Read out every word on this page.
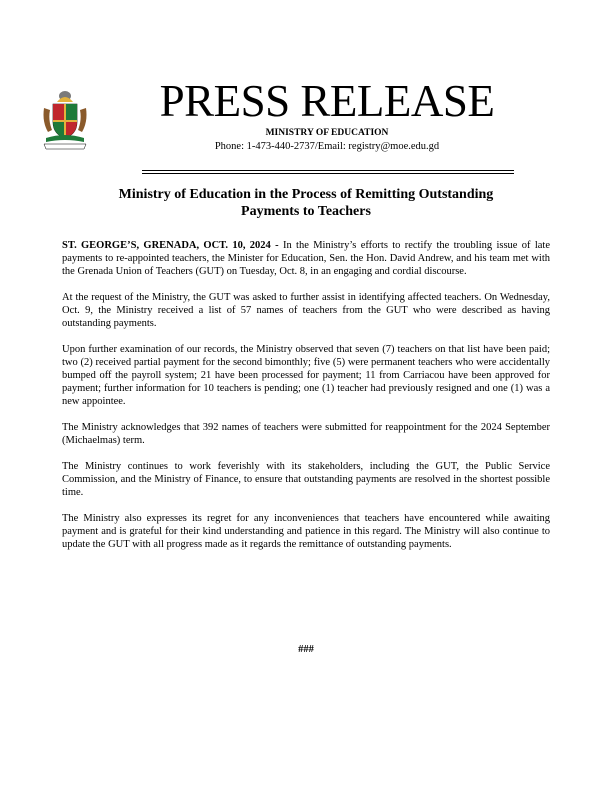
PRESS RELEASE
MINISTRY OF EDUCATION
Phone: 1-473-440-2737/Email: registry@moe.edu.gd
Ministry of Education in the Process of Remitting Outstanding
Payments to Teachers

ST. GEORGE’S, GRENADA, OCT. 10, 2024 - In the Ministry’s efforts to rectify the troubling issue of late payments to re-appointed teachers, the Minister for Education, Sen. the Hon. David Andrew, and his team met with the Grenada Union of Teachers (GUT) on Tuesday, Oct. 8, in an engaging and cordial discourse.

At the request of the Ministry, the GUT was asked to further assist in identifying affected teachers. On Wednesday, Oct. 9, the Ministry received a list of 57 names of teachers from the GUT who were described as having outstanding payments.

Upon further examination of our records, the Ministry observed that seven (7) teachers on that list have been paid; two (2) received partial payment for the second bimonthly; five (5) were permanent teachers who were accidentally bumped off the payroll system; 21 have been processed for payment; 11 from Carriacou have been approved for payment; further information for 10 teachers is pending; one (1) teacher had previously resigned and one (1) was a new appointee.

The Ministry acknowledges that 392 names of teachers were submitted for reappointment for the 2024 September (Michaelmas) term.

The Ministry continues to work feverishly with its stakeholders, including the GUT, the Public Service Commission, and the Ministry of Finance, to ensure that outstanding payments are resolved in the shortest possible time.

The Ministry also expresses its regret for any inconveniences that teachers have encountered while awaiting payment and is grateful for their kind understanding and patience in this regard. The Ministry will also continue to update the GUT with all progress made as it regards the remittance of outstanding payments.

###
